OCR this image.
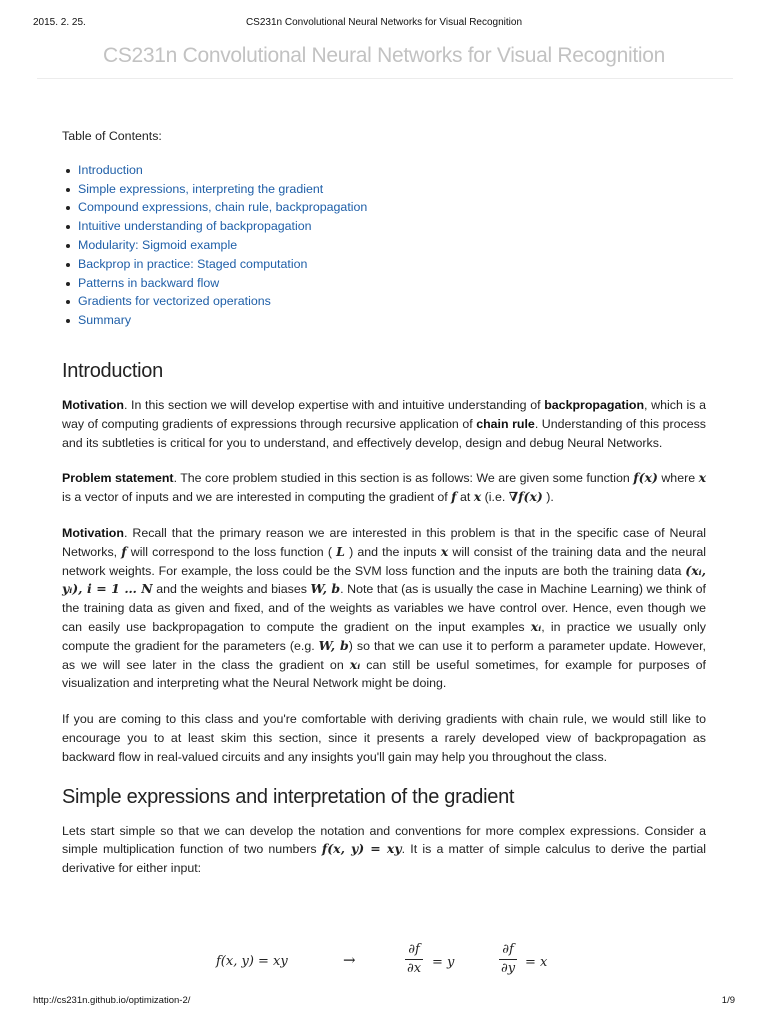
2015. 2. 25.	CS231n Convolutional Neural Networks for Visual Recognition
CS231n Convolutional Neural Networks for Visual Recognition
Table of Contents:
Introduction
Simple expressions, interpreting the gradient
Compound expressions, chain rule, backpropagation
Intuitive understanding of backpropagation
Modularity: Sigmoid example
Backprop in practice: Staged computation
Patterns in backward flow
Gradients for vectorized operations
Summary
Introduction

Motivation. In this section we will develop expertise with and intuitive understanding of backpropagation, which is a way of computing gradients of expressions through recursive application of chain rule. Understanding of this process and its subtleties is critical for you to understand, and effectively develop, design and debug Neural Networks.

Problem statement. The core problem studied in this section is as follows: We are given some function f(x) where x is a vector of inputs and we are interested in computing the gradient of f at x (i.e. ∇f(x) ).

Motivation. Recall that the primary reason we are interested in this problem is that in the specific case of Neural Networks, f will correspond to the loss function ( L ) and the inputs x will consist of the training data and the neural network weights. For example, the loss could be the SVM loss function and the inputs are both the training data (xᵢ, yᵢ), i = 1 … N and the weights and biases W, b. Note that (as is usually the case in Machine Learning) we think of the training data as given and fixed, and of the weights as variables we have control over. Hence, even though we can easily use backpropagation to compute the gradient on the input examples xᵢ, in practice we usually only compute the gradient for the parameters (e.g. W, b) so that we can use it to perform a parameter update. However, as we will see later in the class the gradient on xᵢ can still be useful sometimes, for example for purposes of visualization and interpreting what the Neural Network might be doing.

If you are coming to this class and you're comfortable with deriving gradients with chain rule, we would still like to encourage you to at least skim this section, since it presents a rarely developed view of backpropagation as backward flow in real-valued circuits and any insights you'll gain may help you throughout the class.

Simple expressions and interpretation of the gradient

Lets start simple so that we can develop the notation and conventions for more complex expressions. Consider a simple multiplication function of two numbers f(x, y) = xy. It is a matter of simple calculus to derive the partial derivative for either input:

f(x, y) = xy	→
∂f
∂x = y
∂f
∂y = x
http://cs231n.github.io/optimization-2/	1/9
